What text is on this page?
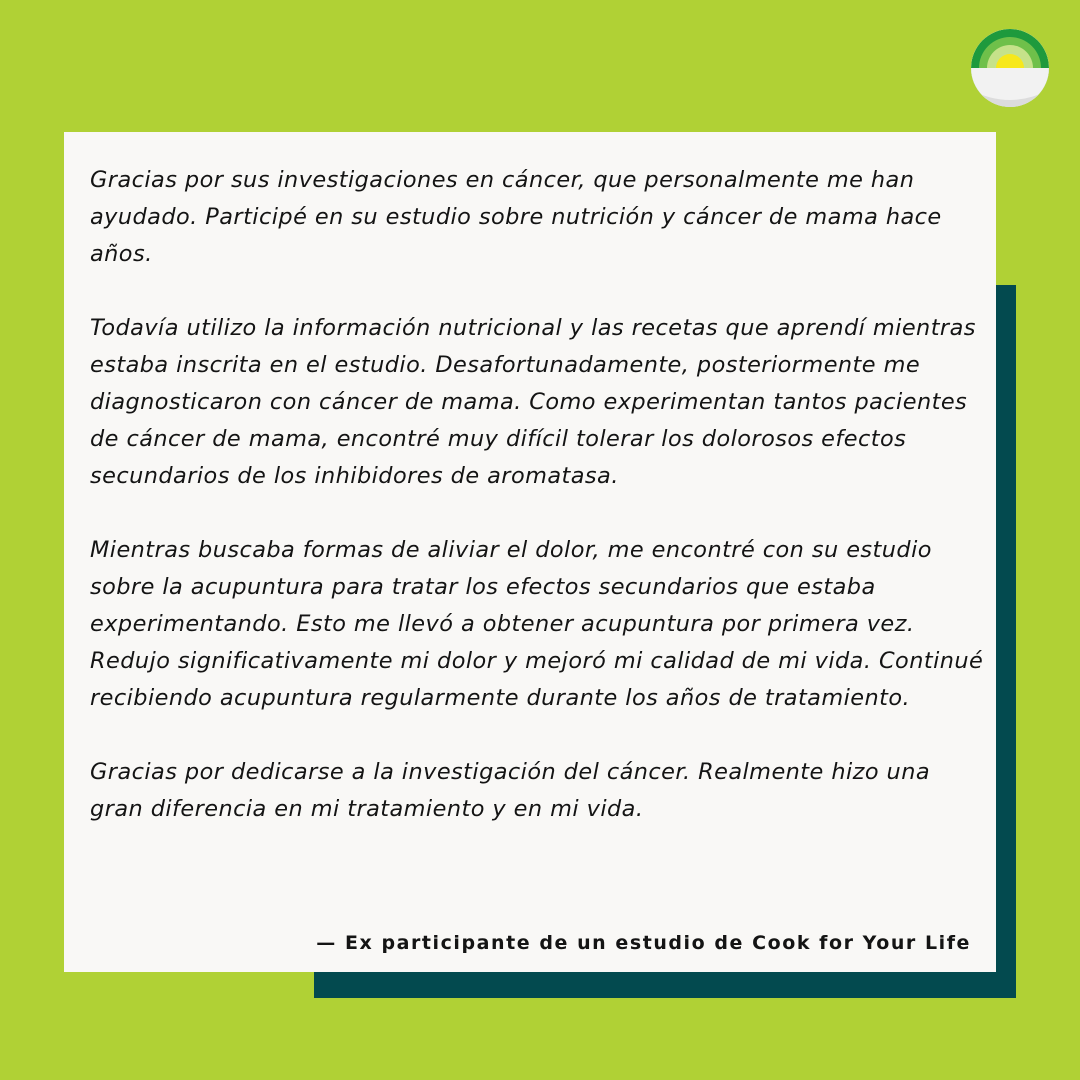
Gracias por sus investigaciones en cáncer, que personalmente me han ayudado. Participé en su estudio sobre nutrición y cáncer de mama hace años.

Todavía utilizo la información nutricional y las recetas que aprendí mientras estaba inscrita en el estudio. Desafortunadamente, posteriormente me diagnosticaron con cáncer de mama. Como experimentan tantos pacientes de cáncer de mama, encontré muy difícil tolerar los dolorosos efectos secundarios de los inhibidores de aromatasa.

Mientras buscaba formas de aliviar el dolor, me encontré con su estudio sobre la acupuntura para tratar los efectos secundarios que estaba experimentando. Esto me llevó a obtener acupuntura por primera vez. Redujo significativamente mi dolor y mejoró mi calidad de mi vida. Continué recibiendo acupuntura regularmente durante los años de tratamiento.

Gracias por dedicarse a la investigación del cáncer. Realmente hizo una gran diferencia en mi tratamiento y en mi vida.

— Ex participante de un estudio de Cook for Your Life
